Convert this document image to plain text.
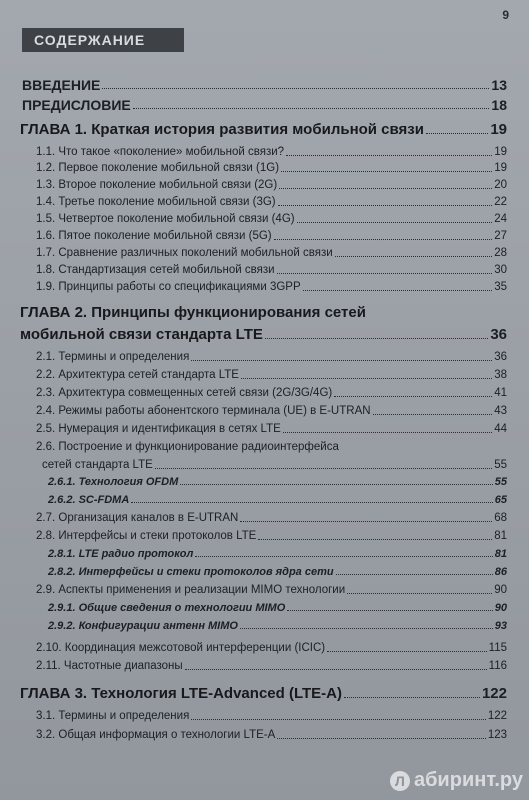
9
СОДЕРЖАНИЕ
ВВЕДЕНИЕ	13
ПРЕДИСЛОВИЕ	18
ГЛАВА 1. Краткая история развития мобильной связи	19
1.1. Что такое «поколение» мобильной связи?	19
1.2. Первое поколение мобильной связи (1G)	19
1.3. Второе поколение мобильной связи (2G)	20
1.4. Третье поколение мобильной связи (3G)	22
1.5. Четвертое поколение мобильной связи (4G)	24
1.6. Пятое поколение мобильной связи (5G)	27
1.7. Сравнение различных поколений мобильной связи	28
1.8. Стандартизация сетей мобильной связи	30
1.9. Принципы работы со спецификациями 3GPP	35
ГЛАВА 2. Принципы функционирования сетей
мобильной связи стандарта LTE	36
2.1. Термины и определения	36
2.2. Архитектура сетей стандарта LTE	38
2.3. Архитектура совмещенных сетей связи (2G/3G/4G)	41
2.4. Режимы работы абонентского терминала (UE) в E-UTRAN	43
2.5. Нумерация и идентификация в сетях LTE	44
2.6. Построение и функционирование радиоинтерфейса
сетей стандарта LTE	55
2.6.1. Технология OFDM	55
2.6.2. SC-FDMA	65
2.7. Организация каналов в E-UTRAN	68
2.8. Интерфейсы и стеки протоколов LTE	81
2.8.1. LTE радио протокол	81
2.8.2. Интерфейсы и стеки протоколов ядра сети	86
2.9. Аспекты применения и реализации MIMO технологии	90
2.9.1. Общие сведения о технологии MIMO	90
2.9.2. Конфигурации антенн MIMO	93
2.10. Координация межсотовой интерференции (ICIC)	115
2.11. Частотные диапазоны	116
ГЛАВА 3. Технология LTE-Advanced (LTE-A)	122
3.1. Термины и определения	122
3.2. Общая информация о технологии LTE-A	123
Л абиринт.ру
